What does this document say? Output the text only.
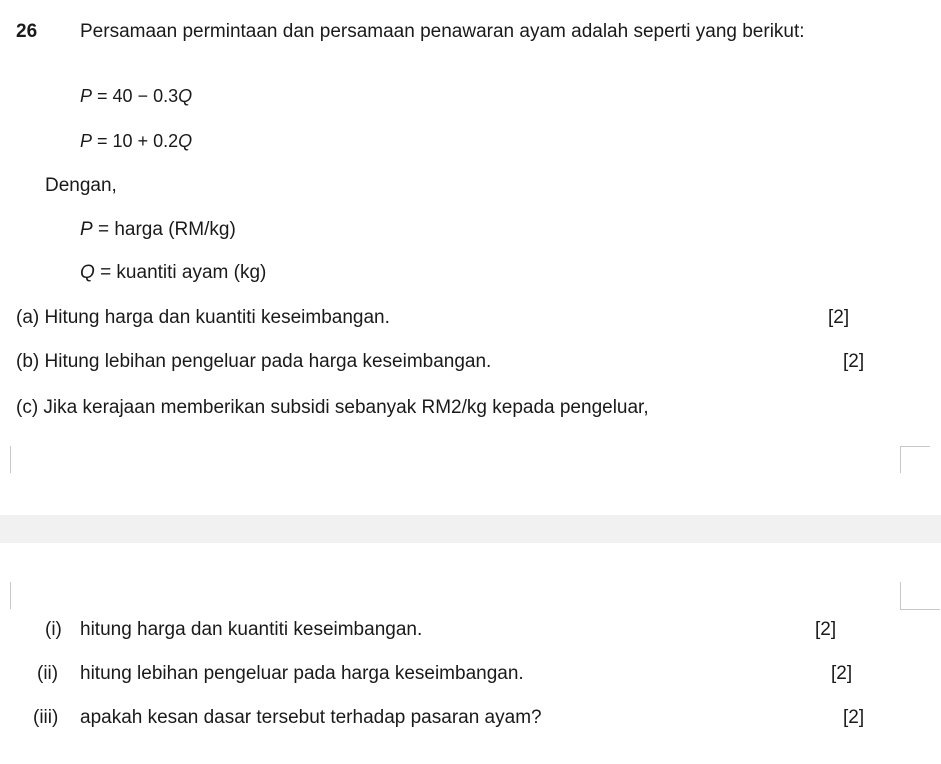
26 Persamaan permintaan dan persamaan penawaran ayam adalah seperti yang berikut:
P = 40 − 0.3Q
P = 10 + 0.2Q
Dengan,
P = harga (RM/kg)
Q = kuantiti ayam (kg)
(a) Hitung harga dan kuantiti keseimbangan.	[2]
(b) Hitung lebihan pengeluar pada harga keseimbangan.	[2]
(c) Jika kerajaan memberikan subsidi sebanyak RM2/kg kepada pengeluar,
(i) hitung harga dan kuantiti keseimbangan.	[2]
(ii) hitung lebihan pengeluar pada harga keseimbangan.	[2]
(iii) apakah kesan dasar tersebut terhadap pasaran ayam?	[2]
